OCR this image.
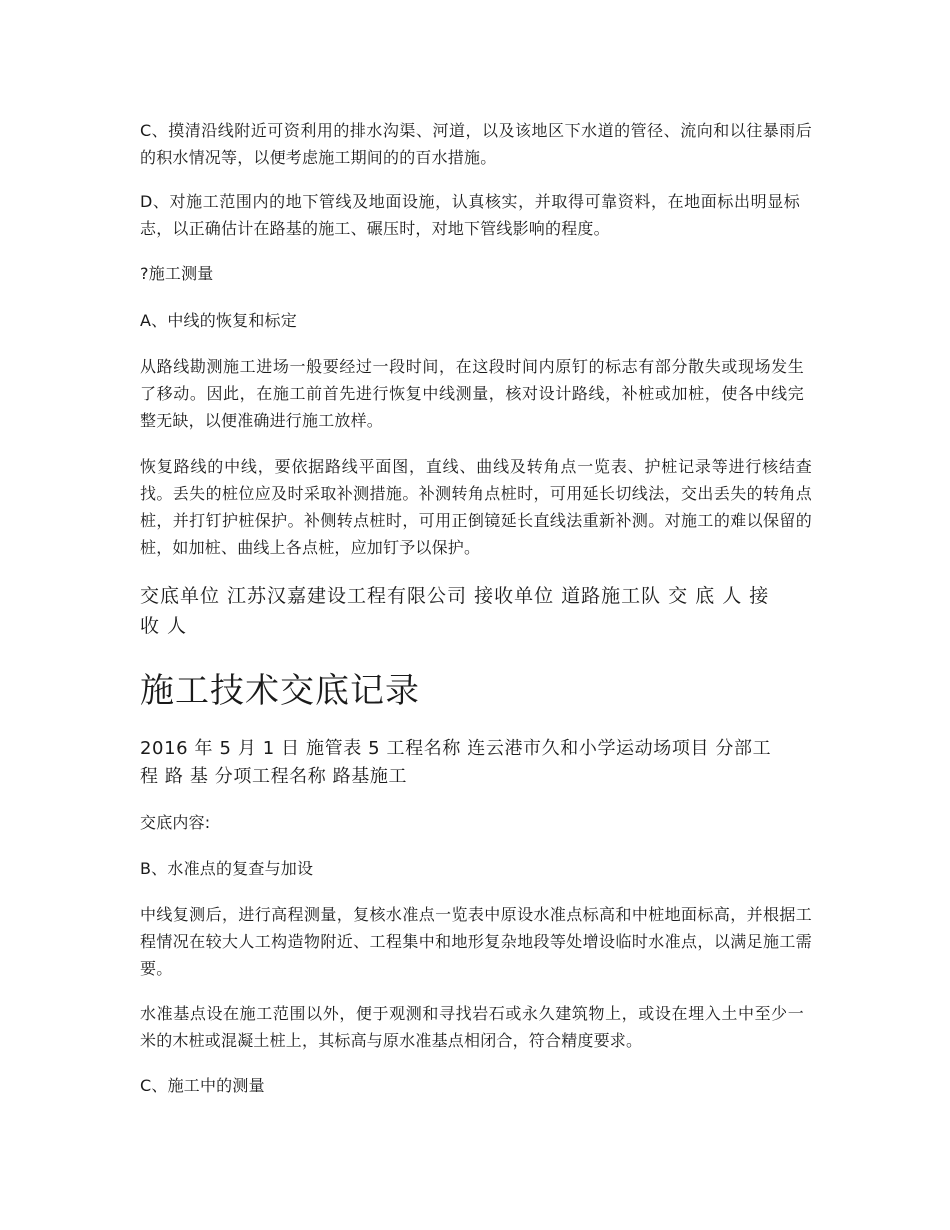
C、摸清沿线附近可资利用的排水沟渠、河道，以及该地区下水道的管径、流向和以往暴雨后的积水情况等，以便考虑施工期间的的百水措施。

D、对施工范围内的地下管线及地面设施，认真核实，并取得可靠资料，在地面标出明显标志，以正确估计在路基的施工、碾压时，对地下管线影响的程度。

?施工测量

A、中线的恢复和标定

从路线勘测施工进场一般要经过一段时间，在这段时间内原钉的标志有部分散失或现场发生了移动。因此，在施工前首先进行恢复中线测量，核对设计路线，补桩或加桩，使各中线完整无缺，以便准确进行施工放样。

恢复路线的中线，要依据路线平面图，直线、曲线及转角点一览表、护桩记录等进行核结查找。丢失的桩位应及时采取补测措施。补测转角点桩时，可用延长切线法，交出丢失的转角点桩，并打钉护桩保护。补侧转点桩时，可用正倒镜延长直线法重新补测。对施工的难以保留的桩，如加桩、曲线上各点桩，应加钉予以保护。

交底单位 江苏汉嘉建设工程有限公司 接收单位 道路施工队 交 底 人 接

收 人

施工技术交底记录

2016 年 5 月 1 日 施管表 5 工程名称 连云港市久和小学运动场项目 分部工

程 路 基 分项工程名称 路基施工

交底内容:

B、水准点的复查与加设

中线复测后，进行高程测量，复核水准点一览表中原设水准点标高和中桩地面标高，并根据工程情况在较大人工构造物附近、工程集中和地形复杂地段等处增设临时水准点，以满足施工需要。

水准基点设在施工范围以外，便于观测和寻找岩石或永久建筑物上，或设在埋入土中至少一米的木桩或混凝土桩上，其标高与原水准基点相闭合，符合精度要求。

C、施工中的测量
